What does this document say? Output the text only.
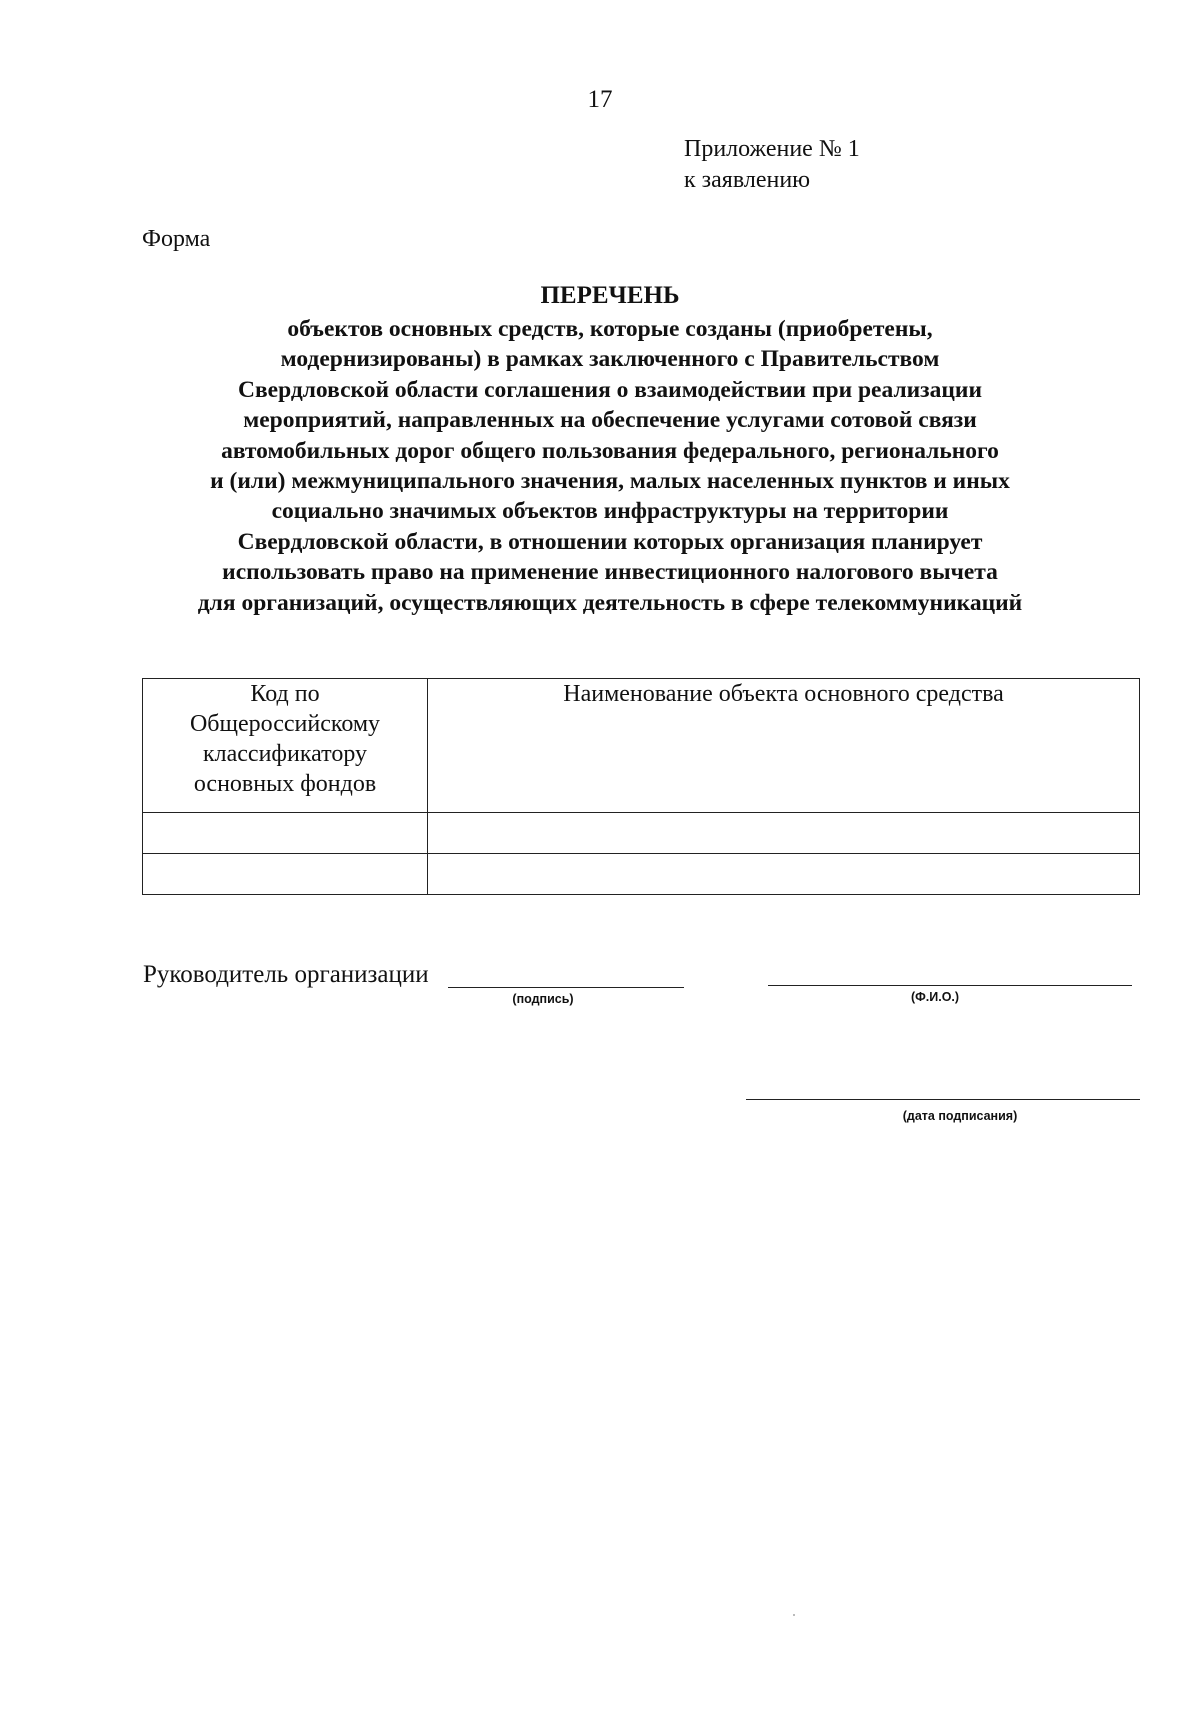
17
Приложение № 1
к заявлению
Форма
ПЕРЕЧЕНЬ
объектов основных средств, которые созданы (приобретены,
модернизированы) в рамках заключенного с Правительством
Свердловской области соглашения о взаимодействии при реализации
мероприятий, направленных на обеспечение услугами сотовой связи
автомобильных дорог общего пользования федерального, регионального
и (или) межмуниципального значения, малых населенных пунктов и иных
социально значимых объектов инфраструктуры на территории
Свердловской области, в отношении которых организация планирует
использовать право на применение инвестиционного налогового вычета
для организаций, осуществляющих деятельность в сфере телекоммуникаций
Код по
Общероссийскому
классификатору
основных фондов	Наименование объекта основного средства

Руководитель организации
(подпись)	(Ф.И.О.)
(дата подписания)
